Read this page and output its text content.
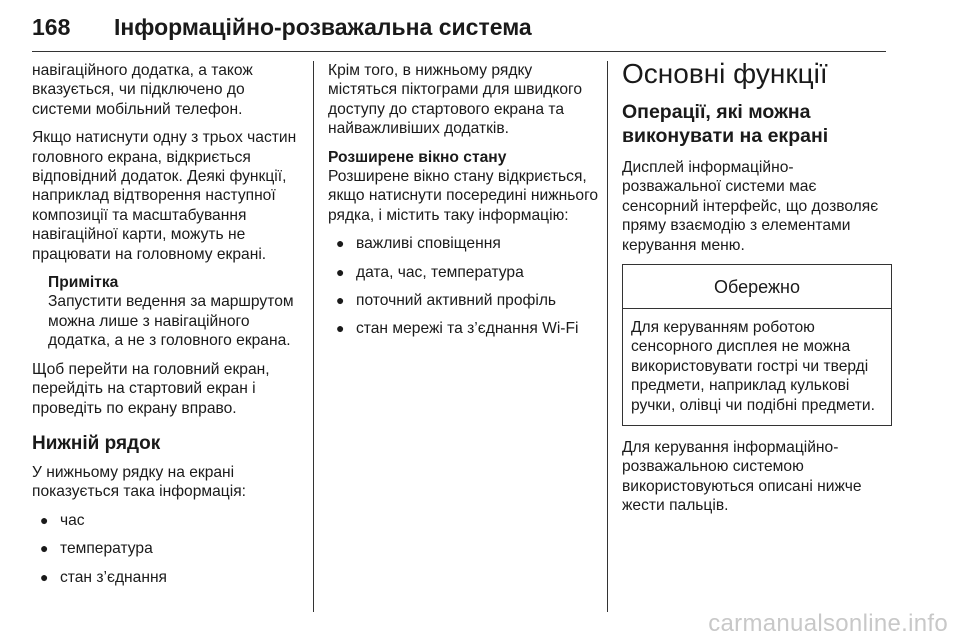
168 Інформаційно-розважальна система

навігаційного додатка, а також вказується, чи підключено до системи мобільний телефон.

Якщо натиснути одну з трьох частин головного екрана, відкриється відповідний додаток. Деякі функції, наприклад відтворення наступної композиції та масштабування навігаційної карти, можуть не працювати на головному екрані.

Примітка
Запустити ведення за маршрутом можна лише з навігаційного додатка, а не з головного екрана.

Щоб перейти на головний екран, перейдіть на стартовий екран і проведіть по екрану вправо.

Нижній рядок

У нижньому рядку на екрані показується така інформація:

● час
● температура
● стан з’єднання

Крім того, в нижньому рядку містяться піктограми для швидкого доступу до стартового екрана та найважливіших додатків.

Розширене вікно стану

Розширене вікно стану відкриється, якщо натиснути посередині нижнього рядка, і містить таку інформацію:

● важливі сповіщення
● дата, час, температура
● поточний активний профіль
● стан мережі та з’єднання Wi-Fi
Основні функції
Операції, які можна виконувати на екрані

Дисплей інформаційно-розважальної системи має сенсорний інтерфейс, що дозволяє пряму взаємодію з елементами керування меню.

Обережно
Для керуванням роботою сенсорного дисплея не можна використовувати гострі чи тверді предмети, наприклад кулькові ручки, олівці чи подібні предмети.

Для керування інформаційно-розважальною системою використовуються описані нижче жести пальців.

carmanualsonline.info
